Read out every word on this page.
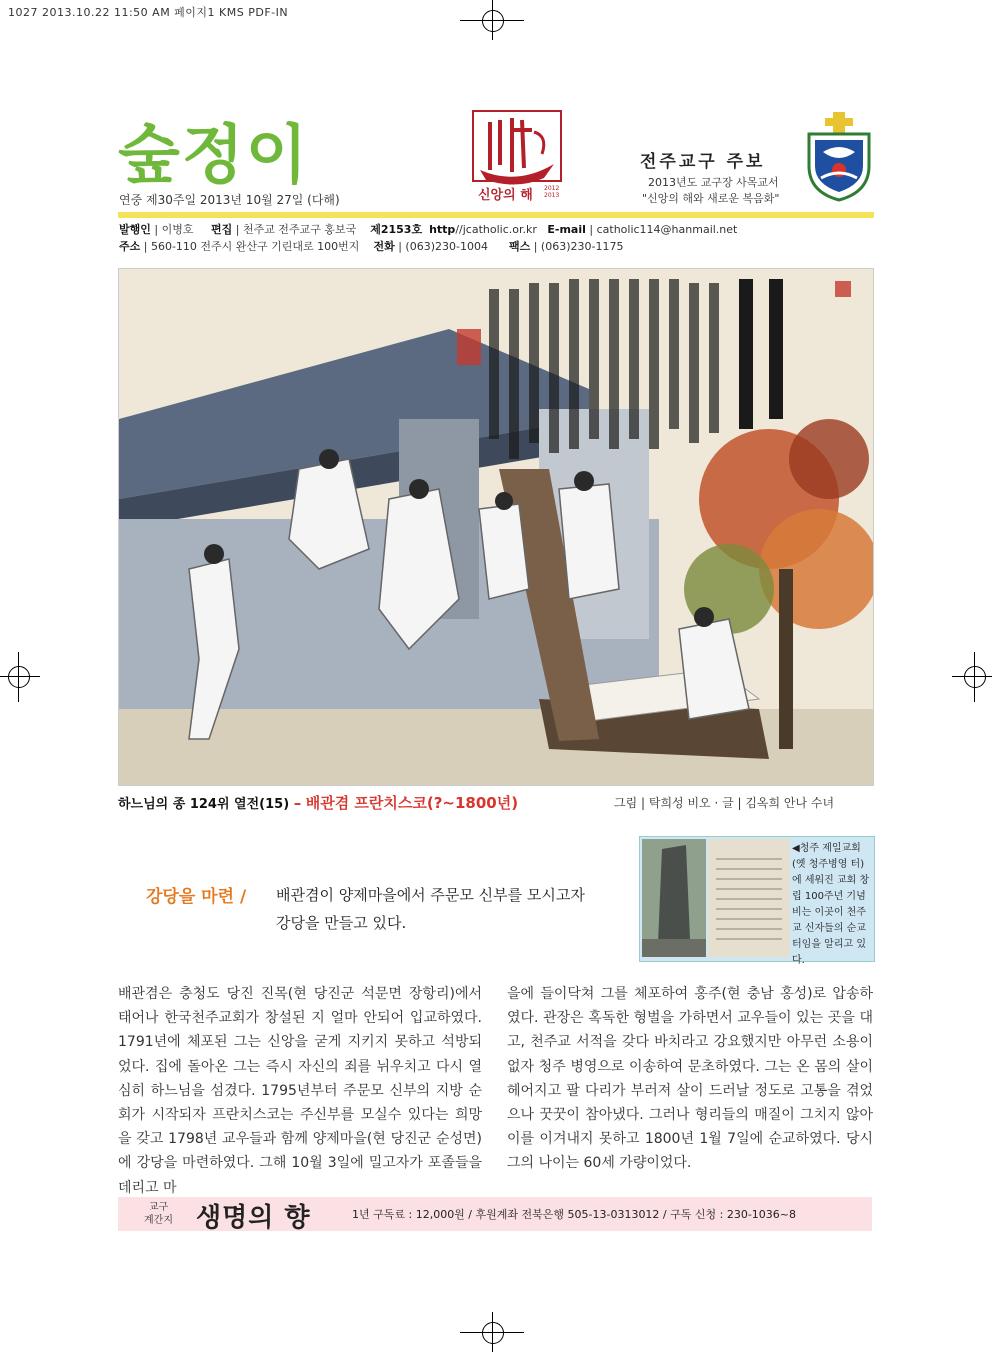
1027 2013.10.22 11:50 AM 페이지1 KMS PDF-IN
숲정이
연중 제30주일 2013년 10월 27일 (다해)	신앙의 해 2012
2013
전주교구 주보
2013년도 교구장 사목교서
"신앙의 해와 새로운 복음화"
발행인 | 이병호 편집 | 천주교 전주교구 홍보국 제2153호 http//jcatholic.or.kr E-mail | catholic114@hanmail.net
주소 | 560-110 전주시 완산구 기린대로 100번지 전화 | (063)230-1004 팩스 | (063)230-1175
하느님의 종 124위 열전(15) – 배관겸 프란치스코(?~1800년)	그림 | 탁희성 비오 · 글 | 김옥희 안나 수녀
◀청주 제일교회(옛 청주병영 터)에 세워진 교회 창립 100주년 기념비는 이곳이 천주교 신자들의 순교터임을 알리고 있다.
강당을 마련 / 배관겸이 양제마을에서 주문모 신부를 모시고자
강당을 만들고 있다.
배관겸은 충청도 당진 진목(현 당진군 석문면 장항리)에서 태어나 한국천주교회가 창설된 지 얼마 안되어 입교하였다. 1791년에 체포된 그는 신앙을 굳게 지키지 못하고 석방되었다. 집에 돌아온 그는 즉시 자신의 죄를 뉘우치고 다시 열심히 하느님을 섬겼다. 1795년부터 주문모 신부의 지방 순회가 시작되자 프란치스코는 주신부를 모실수 있다는 희망을 갖고 1798년 교우들과 함께 양제마을(현 당진군 순성면)에 강당을 마련하였다. 그해 10월 3일에 밀고자가 포졸들을 데리고 마
을에 들이닥쳐 그를 체포하여 홍주(현 충남 홍성)로 압송하였다. 관장은 혹독한 형벌을 가하면서 교우들이 있는 곳을 대고, 천주교 서적을 갖다 바치라고 강요했지만 아무런 소용이 없자 청주 병영으로 이송하여 문초하였다. 그는 온 몸의 살이 헤어지고 팔 다리가 부러져 살이 드러날 정도로 고통을 겪었으나 꿋꿋이 참아냈다. 그러나 형리들의 매질이 그치지 않아 이를 이겨내지 못하고 1800년 1월 7일에 순교하였다. 당시 그의 나이는 60세 가량이었다.
교구
계간지 생명의 향	1년 구독료 : 12,000원 / 후원계좌 전북은행 505-13-0313012 / 구독 신청 : 230-1036~8
